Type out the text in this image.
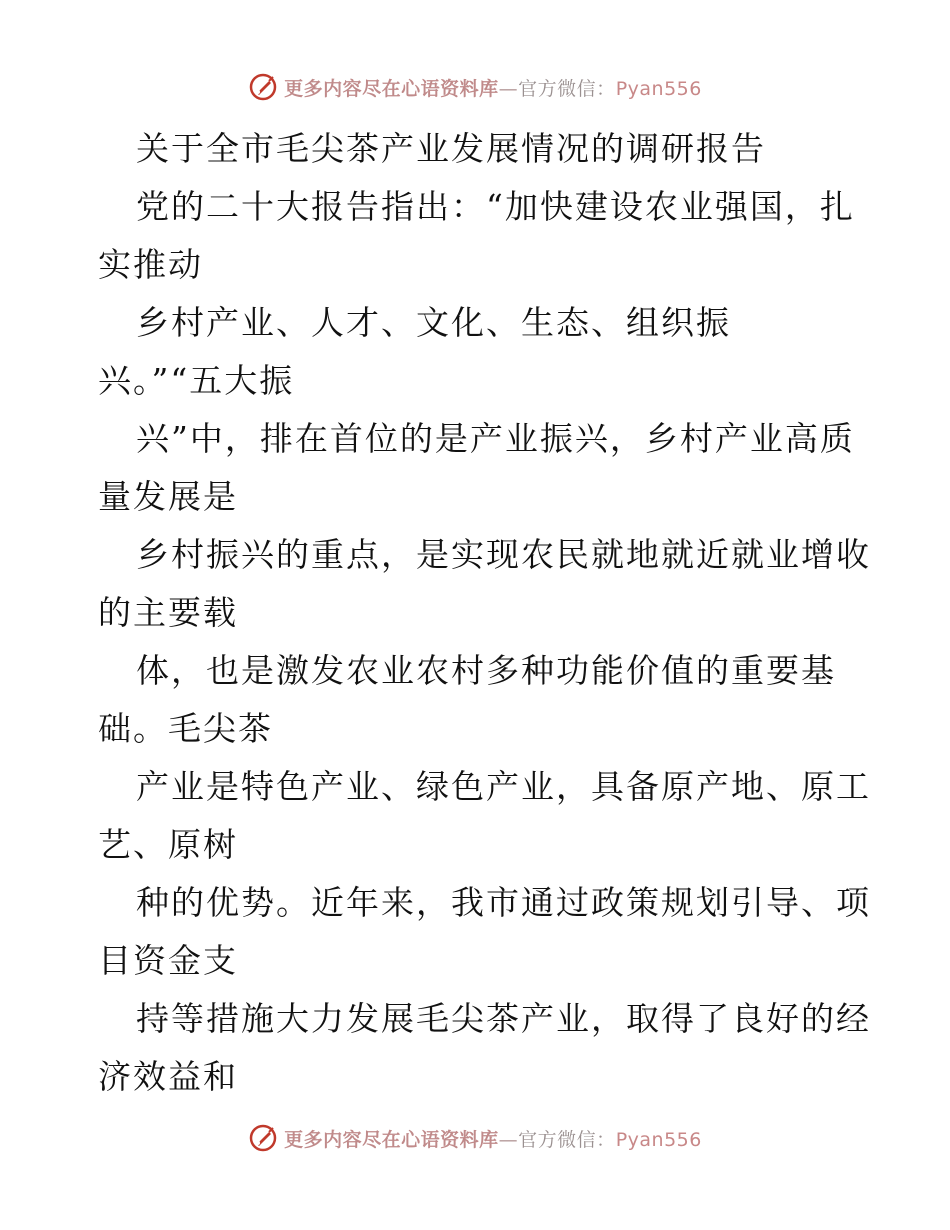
更多内容尽在心语资料库—官方微信：Pyan556
关于全市毛尖茶产业发展情况的调研报告
党的二十大报告指出：“加快建设农业强国，扎
实推动
乡村产业、人才、文化、生态、组织振
兴。”“五大振
兴”中，排在首位的是产业振兴，乡村产业高质
量发展是
乡村振兴的重点，是实现农民就地就近就业增收
的主要载
体，也是激发农业农村多种功能价值的重要基
础。毛尖茶
产业是特色产业、绿色产业，具备原产地、原工
艺、原树
种的优势。近年来，我市通过政策规划引导、项
目资金支
持等措施大力发展毛尖茶产业，取得了良好的经
济效益和
更多内容尽在心语资料库—官方微信：Pyan556
